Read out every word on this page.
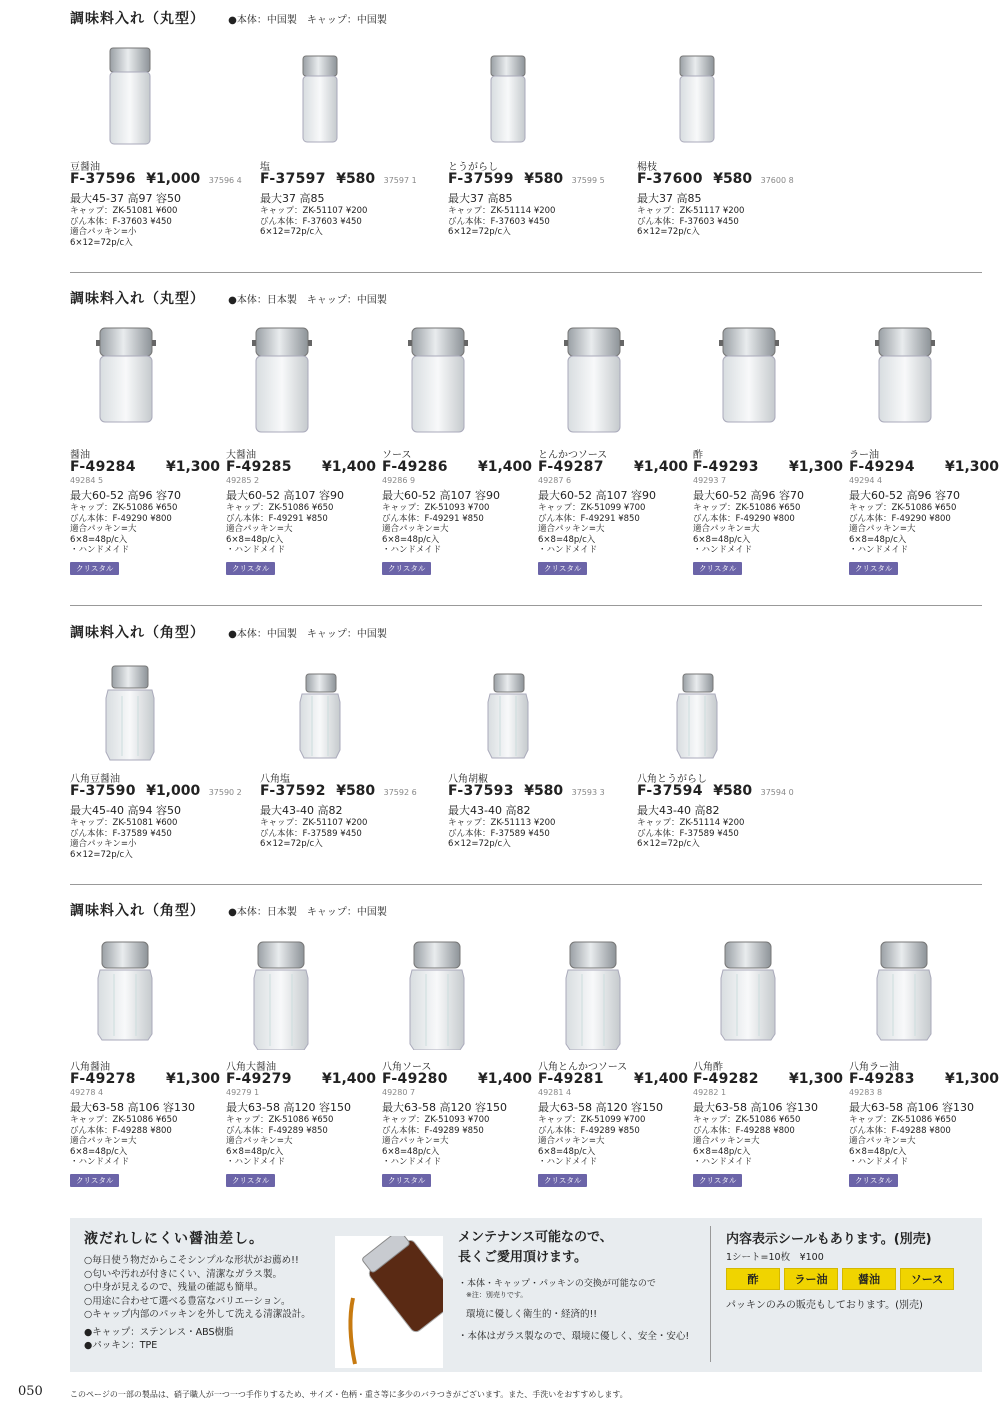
調味料入れ（丸型） ●本体：中国製　キャップ：中国製
豆醤油
F-37596 ¥1,000 37596 4
最大45-37 高97 容50
キャップ：ZK-51081 ¥600
びん本体：F-37603 ¥450
適合パッキン=小
6×12=72p/c入
塩
F-37597 ¥580 37597 1
最大37 高85
キャップ：ZK-51107 ¥200
びん本体：F-37603 ¥450
6×12=72p/c入
とうがらし
F-37599 ¥580 37599 5
最大37 高85
キャップ：ZK-51114 ¥200
びん本体：F-37603 ¥450
6×12=72p/c入
楊枝
F-37600 ¥580 37600 8
最大37 高85
キャップ：ZK-51117 ¥200
びん本体：F-37603 ¥450
6×12=72p/c入
調味料入れ（丸型） ●本体：日本製　キャップ：中国製
醤油
F-49284 ¥1,300
49284 5
最大60-52 高96 容70
キャップ：ZK-51086 ¥650
びん本体：F-49290 ¥800
適合パッキン=大
6×8=48p/c入
・ハンドメイド
クリスタル
大醤油
F-49285 ¥1,400
49285 2
最大60-52 高107 容90
キャップ：ZK-51086 ¥650
びん本体：F-49291 ¥850
適合パッキン=大
6×8=48p/c入
・ハンドメイド
クリスタル
ソース
F-49286 ¥1,400
49286 9
最大60-52 高107 容90
キャップ：ZK-51093 ¥700
びん本体：F-49291 ¥850
適合パッキン=大
6×8=48p/c入
・ハンドメイド
クリスタル
とんかつソース
F-49287 ¥1,400
49287 6
最大60-52 高107 容90
キャップ：ZK-51099 ¥700
びん本体：F-49291 ¥850
適合パッキン=大
6×8=48p/c入
・ハンドメイド
クリスタル
酢
F-49293 ¥1,300
49293 7
最大60-52 高96 容70
キャップ：ZK-51086 ¥650
びん本体：F-49290 ¥800
適合パッキン=大
6×8=48p/c入
・ハンドメイド
クリスタル
ラー油
F-49294 ¥1,300
49294 4
最大60-52 高96 容70
キャップ：ZK-51086 ¥650
びん本体：F-49290 ¥800
適合パッキン=大
6×8=48p/c入
・ハンドメイド
クリスタル
調味料入れ（角型） ●本体：中国製　キャップ：中国製
八角豆醤油
F-37590 ¥1,000 37590 2
最大45-40 高94 容50
キャップ：ZK-51081 ¥600
びん本体：F-37589 ¥450
適合パッキン=小
6×12=72p/c入
八角塩
F-37592 ¥580 37592 6
最大43-40 高82
キャップ：ZK-51107 ¥200
びん本体：F-37589 ¥450
6×12=72p/c入
八角胡椒
F-37593 ¥580 37593 3
最大43-40 高82
キャップ：ZK-51113 ¥200
びん本体：F-37589 ¥450
6×12=72p/c入
八角とうがらし
F-37594 ¥580 37594 0
最大43-40 高82
キャップ：ZK-51114 ¥200
びん本体：F-37589 ¥450
6×12=72p/c入
調味料入れ（角型） ●本体：日本製　キャップ：中国製
八角醤油
F-49278 ¥1,300
49278 4
最大63-58 高106 容130
キャップ：ZK-51086 ¥650
びん本体：F-49288 ¥800
適合パッキン=大
6×8=48p/c入
・ハンドメイド
クリスタル
八角大醤油
F-49279 ¥1,400
49279 1
最大63-58 高120 容150
キャップ：ZK-51086 ¥650
びん本体：F-49289 ¥850
適合パッキン=大
6×8=48p/c入
・ハンドメイド
クリスタル
八角ソース
F-49280 ¥1,400
49280 7
最大63-58 高120 容150
キャップ：ZK-51093 ¥700
びん本体：F-49289 ¥850
適合パッキン=大
6×8=48p/c入
・ハンドメイド
クリスタル
八角とんかつソース
F-49281 ¥1,400
49281 4
最大63-58 高120 容150
キャップ：ZK-51099 ¥700
びん本体：F-49289 ¥850
適合パッキン=大
6×8=48p/c入
・ハンドメイド
クリスタル
八角酢
F-49282 ¥1,300
49282 1
最大63-58 高106 容130
キャップ：ZK-51086 ¥650
びん本体：F-49288 ¥800
適合パッキン=大
6×8=48p/c入
・ハンドメイド
クリスタル
八角ラー油
F-49283 ¥1,300
49283 8
最大63-58 高106 容130
キャップ：ZK-51086 ¥650
びん本体：F-49288 ¥800
適合パッキン=大
6×8=48p/c入
・ハンドメイド
クリスタル
液だれしにくい醤油差し。
○毎日使う物だからこそシンプルな形状がお薦め!!
○匂いや汚れが付きにくい、清潔なガラス製。
○中身が見えるので、残量の確認も簡単。
○用途に合わせて選べる豊富なバリエーション。
○キャップ内部のパッキンを外して洗える清潔設計。
●キャップ：ステンレス・ABS樹脂
●パッキン：TPE
メンテナンス可能なので、
長くご愛用頂けます。
・本体・キャップ・パッキンの交換が可能なので
※注：別売りです。
環境に優しく衛生的・経済的!!
・本体はガラス製なので、環境に優しく、安全・安心!
内容表示シールもあります。(別売)
1シート=10枚　¥100
酢	ラー油	醤油	ソース
パッキンのみの販売もしております。(別売)
050	このページの一部の製品は、硝子職人が一つ一つ手作りするため、サイズ・色柄・重さ等に多少のバラつきがございます。また、手洗いをおすすめします。
